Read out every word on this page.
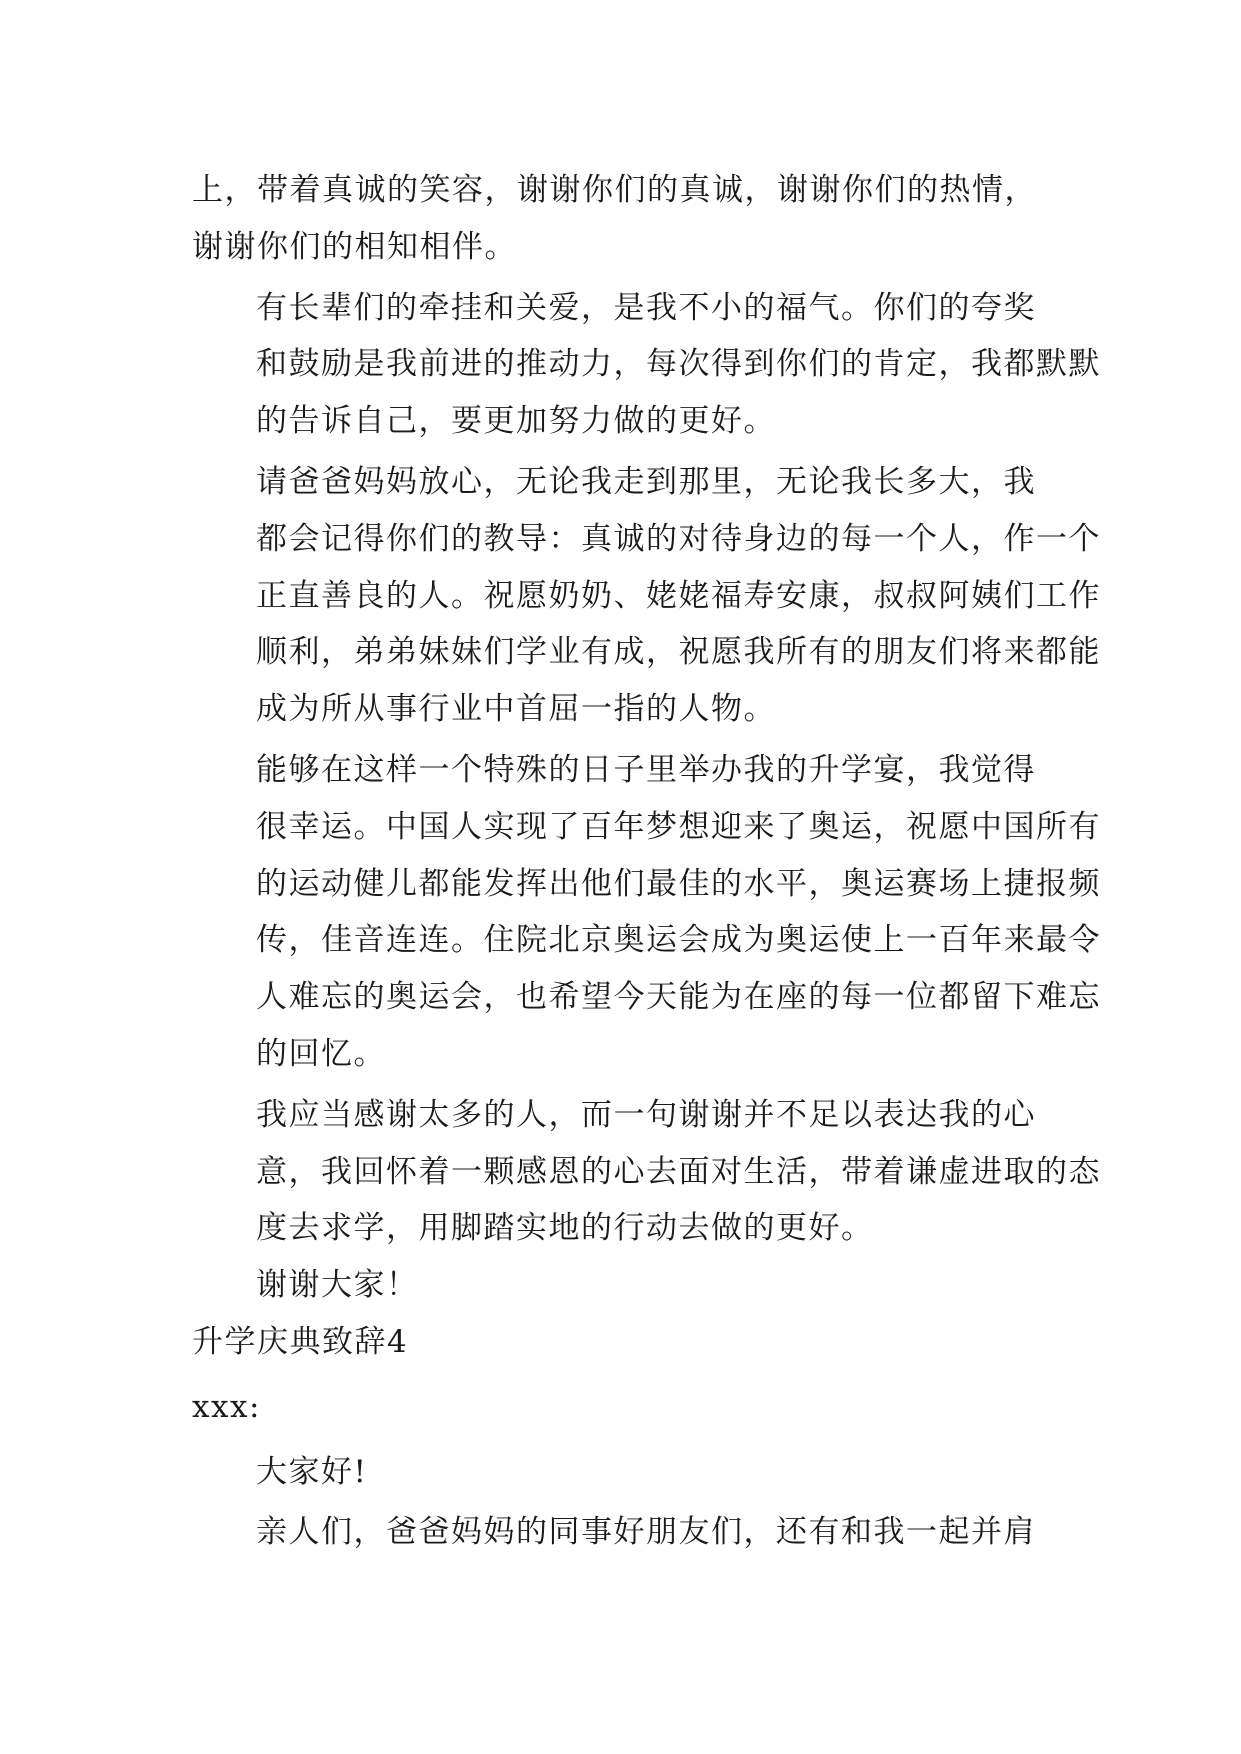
上，带着真诚的笑容，谢谢你们的真诚，谢谢你们的热情，
谢谢你们的相知相伴。

有长辈们的牵挂和关爱，是我不小的福气。你们的夸奖
和鼓励是我前进的推动力，每次得到你们的肯定，我都默默
的告诉自己，要更加努力做的更好。

请爸爸妈妈放心，无论我走到那里，无论我长多大，我
都会记得你们的教导：真诚的对待身边的每一个人，作一个
正直善良的人。祝愿奶奶、姥姥福寿安康，叔叔阿姨们工作
顺利，弟弟妹妹们学业有成，祝愿我所有的朋友们将来都能
成为所从事行业中首屈一指的人物。

能够在这样一个特殊的日子里举办我的升学宴，我觉得
很幸运。中国人实现了百年梦想迎来了奥运，祝愿中国所有
的运动健儿都能发挥出他们最佳的水平，奥运赛场上捷报频
传，佳音连连。住院北京奥运会成为奥运使上一百年来最令
人难忘的奥运会，也希望今天能为在座的每一位都留下难忘
的回忆。

我应当感谢太多的人，而一句谢谢并不足以表达我的心
意，我回怀着一颗感恩的心去面对生活，带着谦虚进取的态
度去求学，用脚踏实地的行动去做的更好。

谢谢大家！

升学庆典致辞4

xxx:

大家好!

亲人们，爸爸妈妈的同事好朋友们，还有和我一起并肩
